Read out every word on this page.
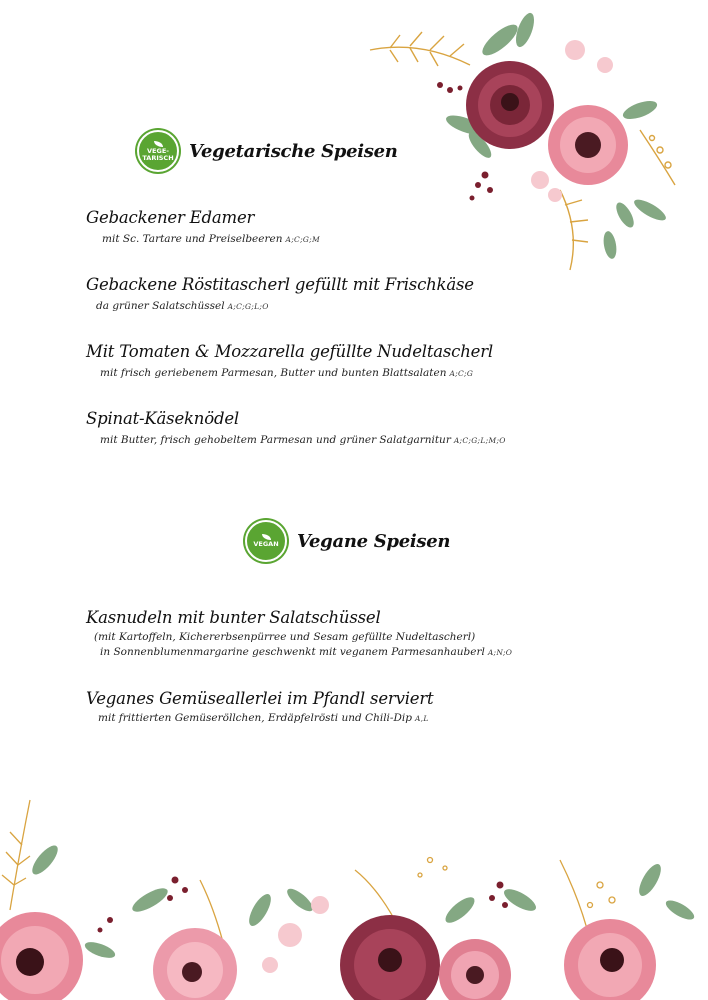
VEGE-
TARISCH Vegetarische Speisen
Gebackener Edamer
mit Sc. Tartare und Preiselbeeren A;C;G;M
Gebackene Röstitascherl gefüllt mit Frischkäse
da grüner Salatschüssel A;C;G;L;O
Mit Tomaten & Mozzarella gefüllte Nudeltascherl
mit frisch geriebenem Parmesan, Butter und bunten Blattsalaten A;C;G
Spinat-Käseknödel
mit Butter, frisch gehobeltem Parmesan und grüner Salatgarnitur A;C;G;L;M;O
VEGAN Vegane Speisen
Kasnudeln mit bunter Salatschüssel
(mit Kartoffeln, Kichererbsenpürree und Sesam gefüllte Nudeltascherl)
in Sonnenblumenmargarine geschwenkt mit veganem Parmesanhauberl A;N;O
Veganes Gemüseallerlei im Pfandl serviert
mit frittierten Gemüseröllchen, Erdäpfelrösti und Chili-Dip A,L
